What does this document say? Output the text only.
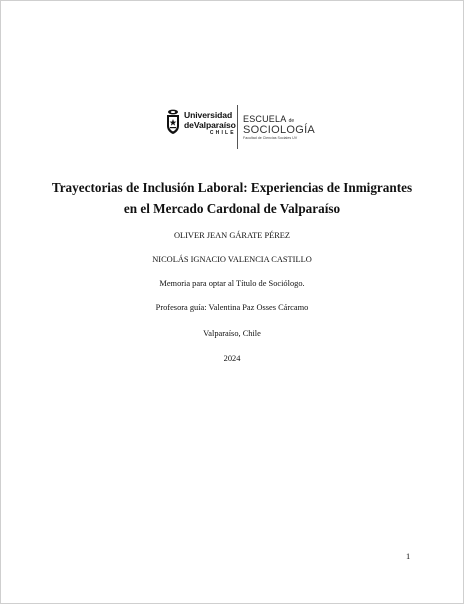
Universidad
deValparaíso
CHILE
ESCUELA de
SOCIOLOGÍA
Facultad de Ciencias Sociales UV
Trayectorias de Inclusión Laboral: Experiencias de Inmigrantes
en el Mercado Cardonal de Valparaíso
OLIVER JEAN GÁRATE PÉREZ
NICOLÁS IGNACIO VALENCIA CASTILLO
Memoria para optar al Título de Sociólogo.
Profesora guía: Valentina Paz Osses Cárcamo
Valparaíso, Chile
2024
1
